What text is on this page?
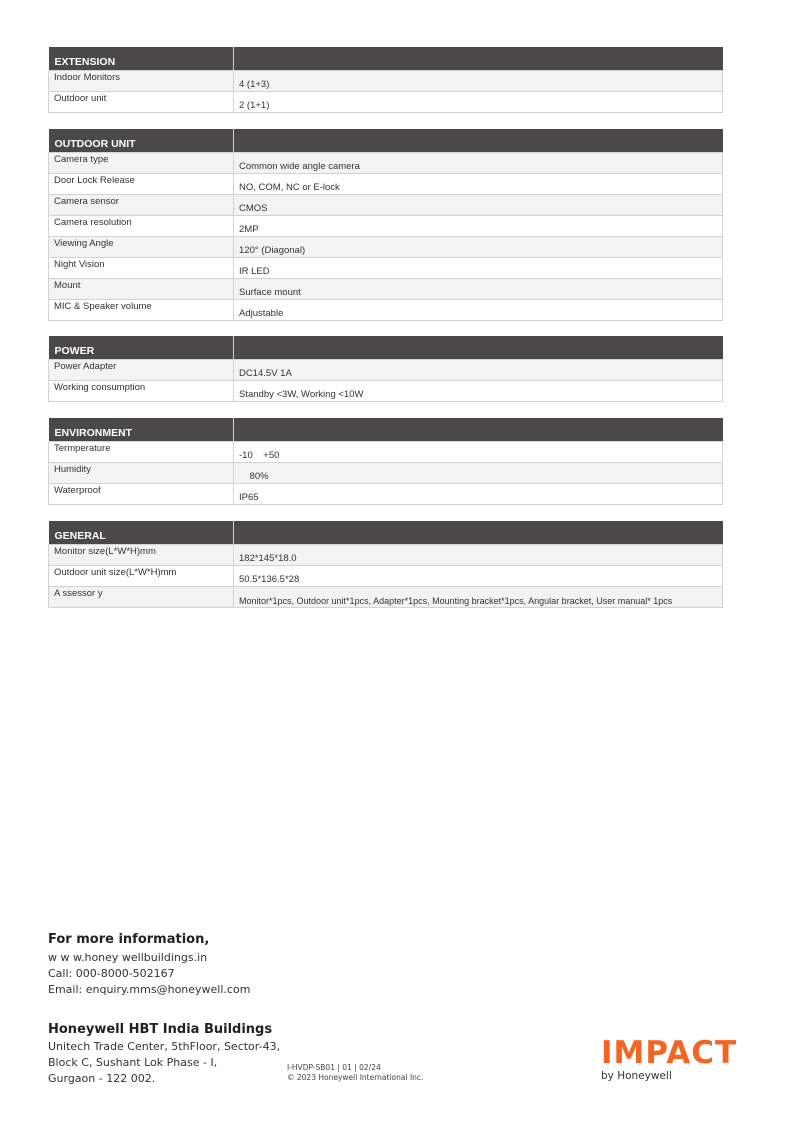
EXTENSION	
Indoor Monitors	4 (1+3)
Outdoor unit	2 (1+1)
OUTDOOR UNIT	
Camera type	Common wide angle camera
Door Lock Release	NO, COM, NC or E-lock
Camera sensor	CMOS
Camera resolution	2MP
Viewing Angle	120° (Diagonal)
Night Vision	IR LED
Mount	Surface mount
MIC & Speaker volume	Adjustable
POWER	
Power Adapter	DC14.5V 1A
Working consumption	Standby <3W, Working <10W
ENVIRONMENT	
Termperature	-10    +50
Humidity	80%
Waterproof	IP65
GENERAL	
Monitor size(L*W*H)mm	182*145*18.0
Outdoor unit size(L*W*H)mm	50.5*136.5*28
A ssessor y	Monitor*1pcs, Outdoor unit*1pcs, Adapter*1pcs, Mounting bracket*1pcs, Angular bracket, User manual* 1pcs
For more information,
w w w.honey wellbuildings.in
Call: 000-8000-502167
Email: enquiry.mms@honeywell.com
Honeywell HBT India Buildings
Unitech Trade Center, 5thFloor, Sector-43,
Block C, Sushant Lok Phase - I,
Gurgaon - 122 002.
I-HVDP-SB01 | 01 | 02/24
© 2023 Honeywell International Inc.
IMPACT
by Honeywell
